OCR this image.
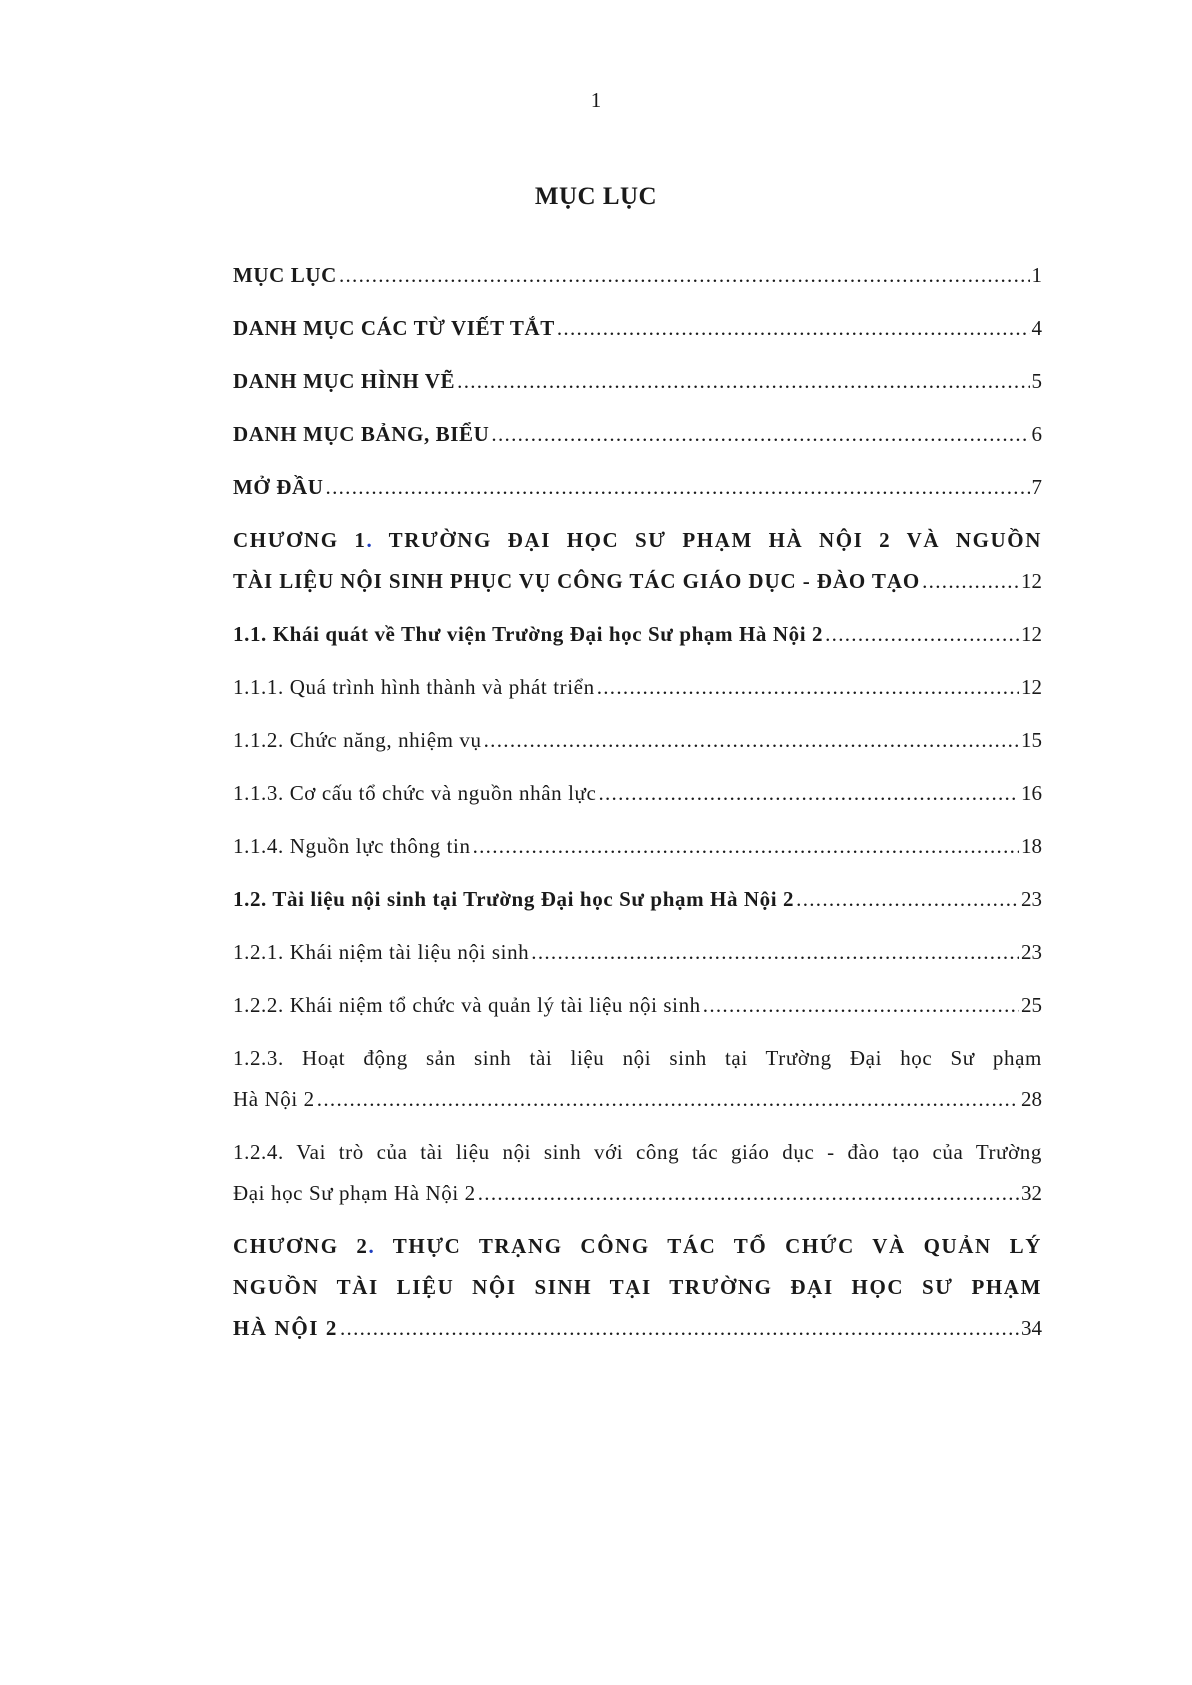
1
MỤC LỤC
MỤC LỤC .....	1
DANH MỤC CÁC TỪ VIẾT TẮT .....	4
DANH MỤC HÌNH VẼ .....	5
DANH MỤC BẢNG, BIỂU .....	6
MỞ ĐẦU .....	7
CHƯƠNG 1. TRƯỜNG ĐẠI HỌC SƯ PHẠM HÀ NỘI 2 VÀ NGUỒN
TÀI LIỆU NỘI SINH PHỤC VỤ CÔNG TÁC GIÁO DỤC - ĐÀO TẠO .....	12
1.1. Khái quát về Thư viện Trường Đại học Sư phạm Hà Nội 2 .....	12
1.1.1. Quá trình hình thành và phát triển .....	12
1.1.2. Chức năng, nhiệm vụ .....	15
1.1.3. Cơ cấu tổ chức và nguồn nhân lực .....	16
1.1.4. Nguồn lực thông tin .....	18
1.2. Tài liệu nội sinh tại Trường Đại học Sư phạm Hà Nội 2 .....	23
1.2.1. Khái niệm tài liệu nội sinh .....	23
1.2.2. Khái niệm tổ chức và quản lý tài liệu nội sinh .....	25
1.2.3. Hoạt động sản sinh tài liệu nội sinh tại Trường Đại học Sư phạm
Hà Nội 2 .....	28
1.2.4. Vai trò của tài liệu nội sinh với công tác giáo dục - đào tạo của Trường
Đại học Sư phạm Hà Nội 2 .....	32
CHƯƠNG 2. THỰC TRẠNG CÔNG TÁC TỔ CHỨC VÀ QUẢN LÝ
NGUỒN TÀI LIỆU NỘI SINH TẠI TRƯỜNG ĐẠI HỌC SƯ PHẠM
HÀ NỘI 2 .....	34
